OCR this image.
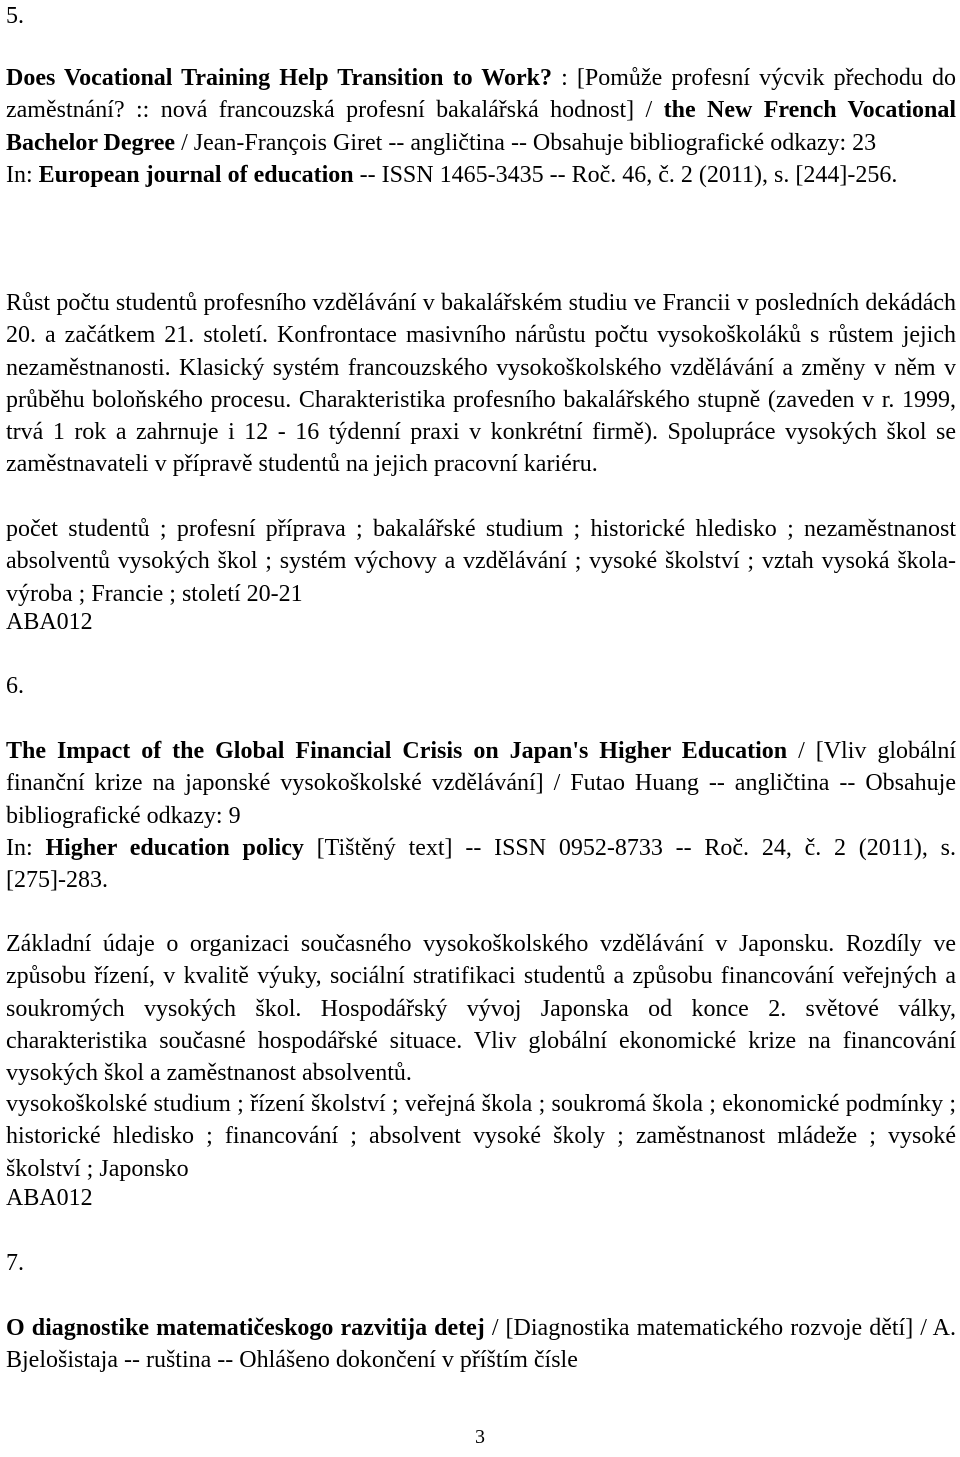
5.

Does Vocational Training Help Transition to Work? : [Pomůže profesní výcvik přechodu do zaměstnání? :: nová francouzská profesní bakalářská hodnost] / the New French Vocational Bachelor Degree / Jean-François Giret -- angličtina -- Obsahuje bibliografické odkazy: 23

In: European journal of education -- ISSN 1465-3435 -- Roč. 46, č. 2 (2011), s. [244]-256.

Růst počtu studentů profesního vzdělávání v bakalářském studiu ve Francii v posledních dekádách 20. a začátkem 21. století. Konfrontace masivního nárůstu počtu vysokoškoláků s růstem jejich nezaměstnanosti. Klasický systém francouzského vysokoškolského vzdělávání a změny v něm v průběhu boloňského procesu. Charakteristika profesního bakalářského stupně (zaveden v r. 1999, trvá 1 rok a zahrnuje i 12 - 16 týdenní praxi v konkrétní firmě). Spolupráce vysokých škol se zaměstnavateli v přípravě studentů na jejich pracovní kariéru.

počet studentů ; profesní příprava ; bakalářské studium ; historické hledisko ; nezaměstnanost absolventů vysokých škol ; systém výchovy a vzdělávání ; vysoké školství ; vztah vysoká škola-výroba ; Francie ; století 20-21

ABA012

6.

The Impact of the Global Financial Crisis on Japan's Higher Education / [Vliv globální finanční krize na japonské vysokoškolské vzdělávání] / Futao Huang -- angličtina -- Obsahuje bibliografické odkazy: 9

In: Higher education policy [Tištěný text] -- ISSN 0952-8733 -- Roč. 24, č. 2 (2011), s. [275]-283.

Základní údaje o organizaci současného vysokoškolského vzdělávání v Japonsku. Rozdíly ve způsobu řízení, v kvalitě výuky, sociální stratifikaci studentů a způsobu financování veřejných a soukromých vysokých škol. Hospodářský vývoj Japonska od konce 2. světové války, charakteristika současné hospodářské situace. Vliv globální ekonomické krize na financování vysokých škol a zaměstnanost absolventů.

vysokoškolské studium ; řízení školství ; veřejná škola ; soukromá škola ; ekonomické podmínky ; historické hledisko ; financování ; absolvent vysoké školy ; zaměstnanost mládeže ; vysoké školství ; Japonsko

ABA012

7.

O diagnostike matematičeskogo razvitija detej / [Diagnostika matematického rozvoje dětí] / A. Bjelošistaja -- ruština -- Ohlášeno dokončení v příštím čísle

3
